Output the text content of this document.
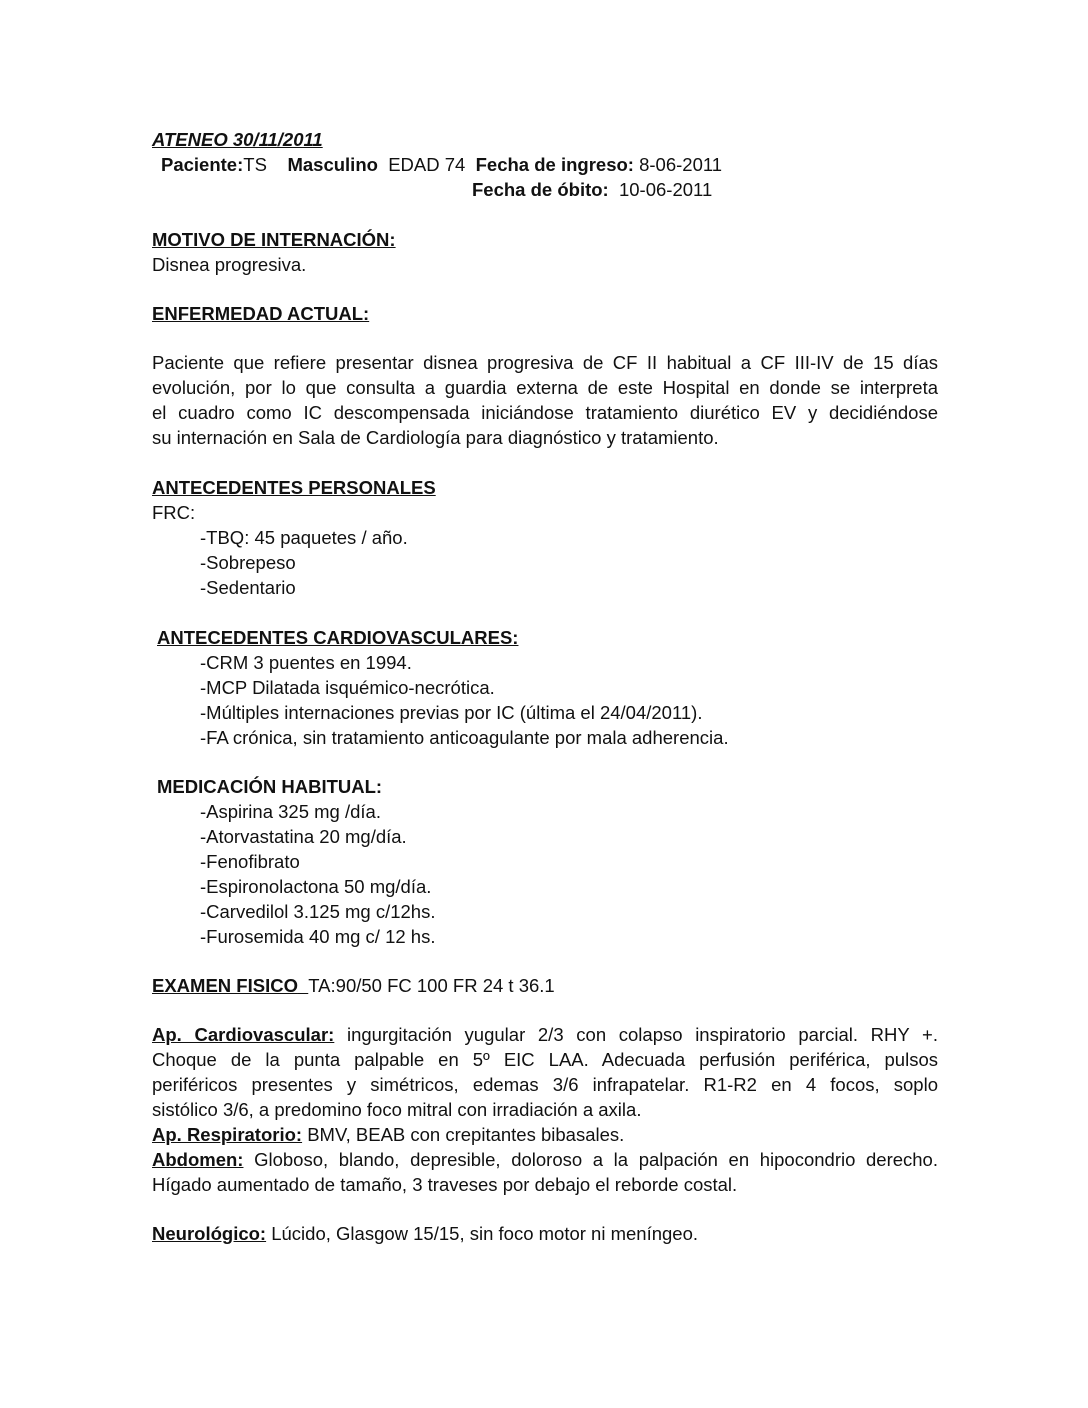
ATENEO 30/11/2011
Paciente:TS Masculino EDAD 74 Fecha de ingreso: 8-06-2011
Fecha de óbito: 10-06-2011
MOTIVO DE INTERNACIÓN:
Disnea progresiva.
ENFERMEDAD ACTUAL:
Paciente que refiere presentar disnea progresiva de CF II habitual a CF III-IV de 15 días
evolución, por lo que consulta a guardia externa de este Hospital en donde se interpreta
el cuadro como IC descompensada iniciándose tratamiento diurético EV y decidiéndose
su internación en Sala de Cardiología para diagnóstico y tratamiento.
ANTECEDENTES PERSONALES
FRC:
-TBQ: 45 paquetes / año.
-Sobrepeso
-Sedentario
ANTECEDENTES CARDIOVASCULARES:
-CRM 3 puentes en 1994.
-MCP Dilatada isquémico-necrótica.
-Múltiples internaciones previas por IC (última el 24/04/2011).
-FA crónica, sin tratamiento anticoagulante por mala adherencia.
MEDICACIÓN HABITUAL:
-Aspirina 325 mg /día.
-Atorvastatina 20 mg/día.
-Fenofibrato
-Espironolactona 50 mg/día.
-Carvedilol 3.125 mg c/12hs.
-Furosemida 40 mg c/ 12 hs.
EXAMEN FISICO TA:90/50 FC 100 FR 24 t 36.1
Ap. Cardiovascular: ingurgitación yugular 2/3 con colapso inspiratorio parcial. RHY +.
Choque de la punta palpable en 5º EIC LAA. Adecuada perfusión periférica, pulsos
periféricos presentes y simétricos, edemas 3/6 infrapatelar. R1-R2 en 4 focos, soplo
sistólico 3/6, a predomino foco mitral con irradiación a axila.
Ap. Respiratorio: BMV, BEAB con crepitantes bibasales.
Abdomen: Globoso, blando, depresible, doloroso a la palpación en hipocondrio derecho.
Hígado aumentado de tamaño, 3 traveses por debajo el reborde costal.
Neurológico: Lúcido, Glasgow 15/15, sin foco motor ni meníngeo.
